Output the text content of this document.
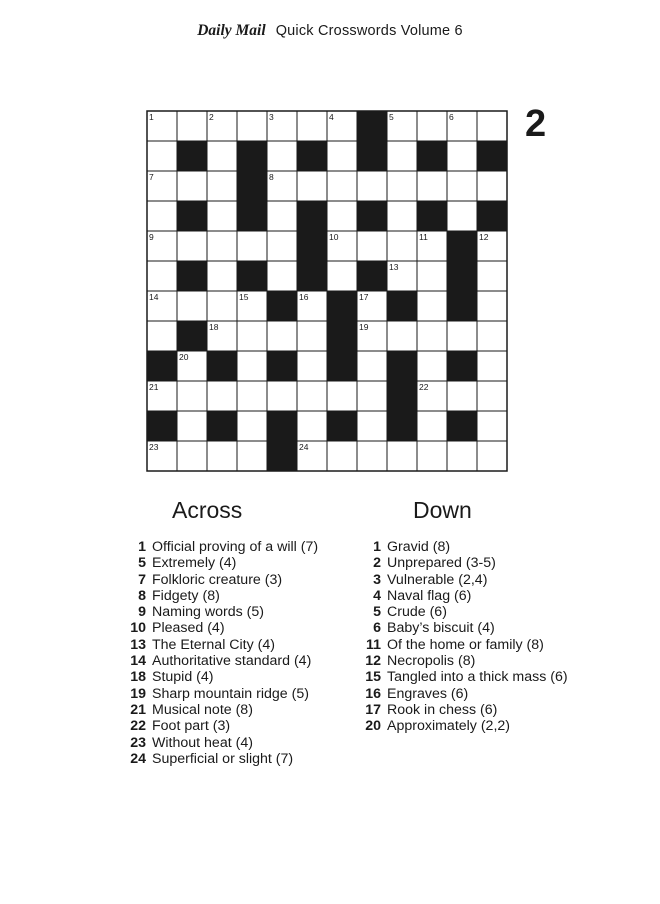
Daily Mail Quick Crosswords Volume 6
2
1	2	3	4	5	6
7	8
9	10	11	12
13
14	15	16	17
18	19
20
21	22
23	24
Across	Down
1 Official proving of a will (7)
5 Extremely (4)
7 Folkloric creature (3)
8 Fidgety (8)
9 Naming words (5)
10 Pleased (4)
13 The Eternal City (4)
14 Authoritative standard (4)
18 Stupid (4)
19 Sharp mountain ridge (5)
21 Musical note (8)
22 Foot part (3)
23 Without heat (4)
24 Superficial or slight (7)
1 Gravid (8)
2 Unprepared (3-5)
3 Vulnerable (2,4)
4 Naval flag (6)
5 Crude (6)
6 Baby’s biscuit (4)
11 Of the home or family (8)
12 Necropolis (8)
15 Tangled into a thick mass (6)
16 Engraves (6)
17 Rook in chess (6)
20 Approximately (2,2)
